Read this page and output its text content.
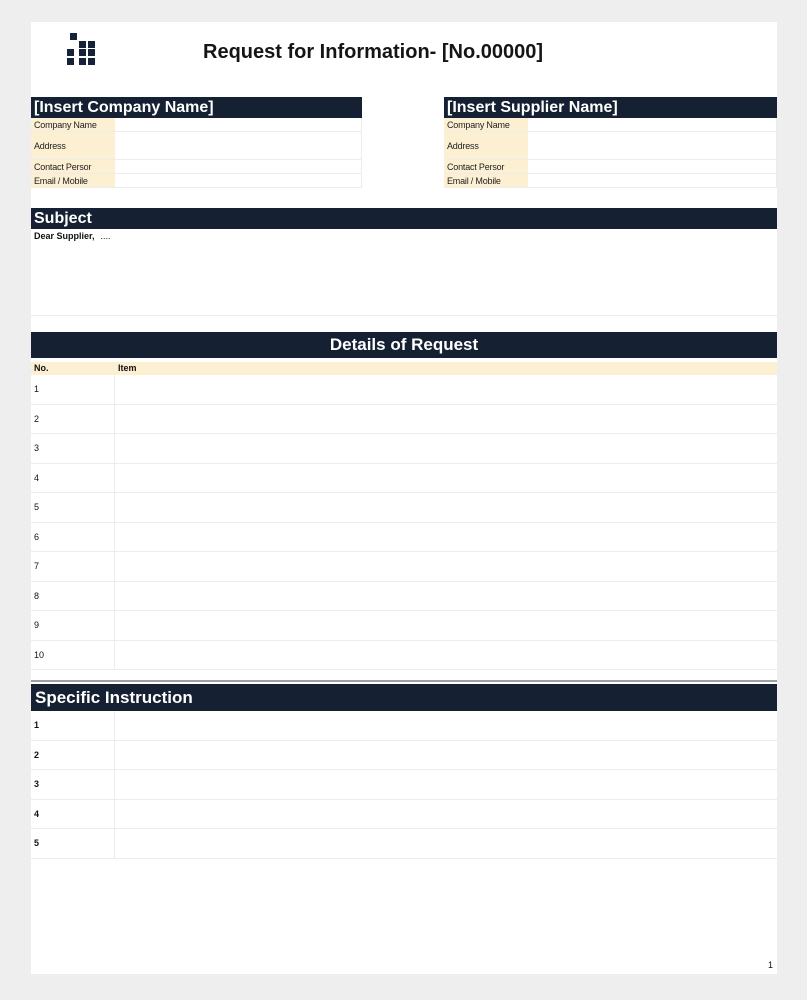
Request for Information- [No.00000]
[Insert Company Name]
Company Name
Address
Contact Persor
Email / Mobile
[Insert Supplier Name]
Company Name
Address
Contact Persor
Email / Mobile
Subject
Dear Supplier, ....
Details of Request
No.	Item
1
2
3
4
5
6
7
8
9
10
Specific Instruction
1
2
3
4
5
1
